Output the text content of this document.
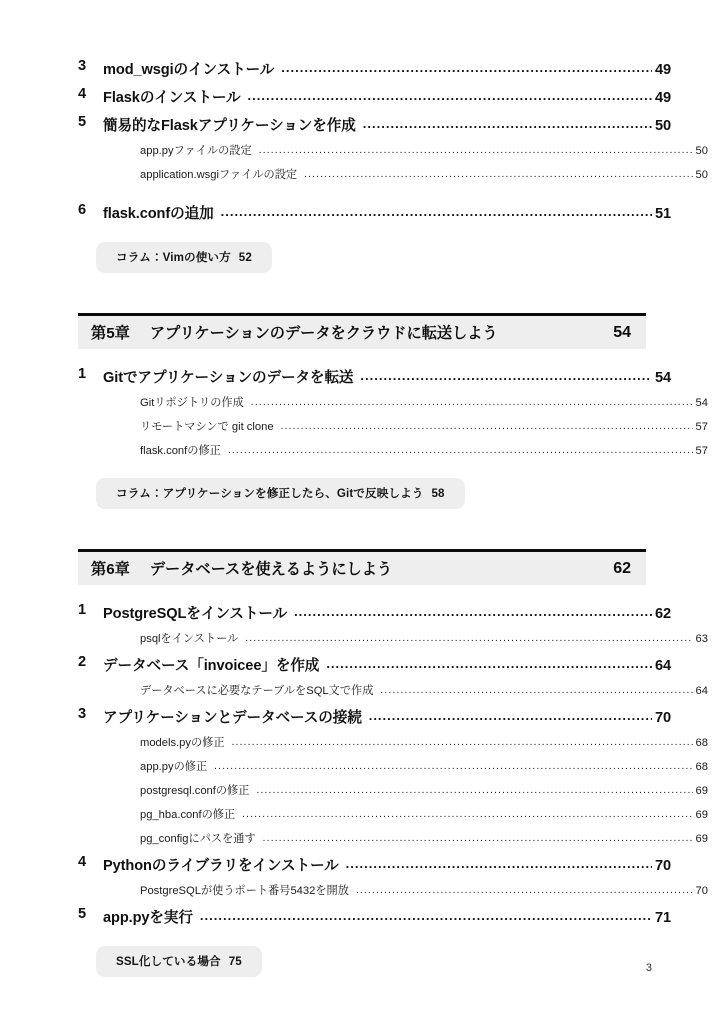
3	mod_wsgiのインストール .....	49
4	Flaskのインストール .....	49
5	簡易的なFlaskアプリケーションを作成 .....	50
app.pyファイルの設定 .....	50
application.wsgiファイルの設定 .....	50
6	flask.confの追加 .....	51
コラム：Vimの使い方 52
第5章 アプリケーションのデータをクラウドに転送しよう	54
1	Gitでアプリケーションのデータを転送 .....	54
Gitリポジトリの作成 .....	54
リモートマシンで git clone .....	57
flask.confの修正 .....	57
コラム：アプリケーションを修正したら、Gitで反映しよう 58
第6章 データベースを使えるようにしよう	62
1	PostgreSQLをインストール .....	62
psqlをインストール .....	63
2	データベース「invoicee」を作成 .....	64
データベースに必要なテーブルをSQL文で作成 .....	64
3	アプリケーションとデータベースの接続 .....	70
models.pyの修正 .....	68
app.pyの修正 .....	68
postgresql.confの修正 .....	69
pg_hba.confの修正 .....	69
pg_configにパスを通す .....	69
4	Pythonのライブラリをインストール .....	70
PostgreSQLが使うポート番号5432を開放 .....	70
5	app.pyを実行 .....	71
SSL化している場合 75	3
